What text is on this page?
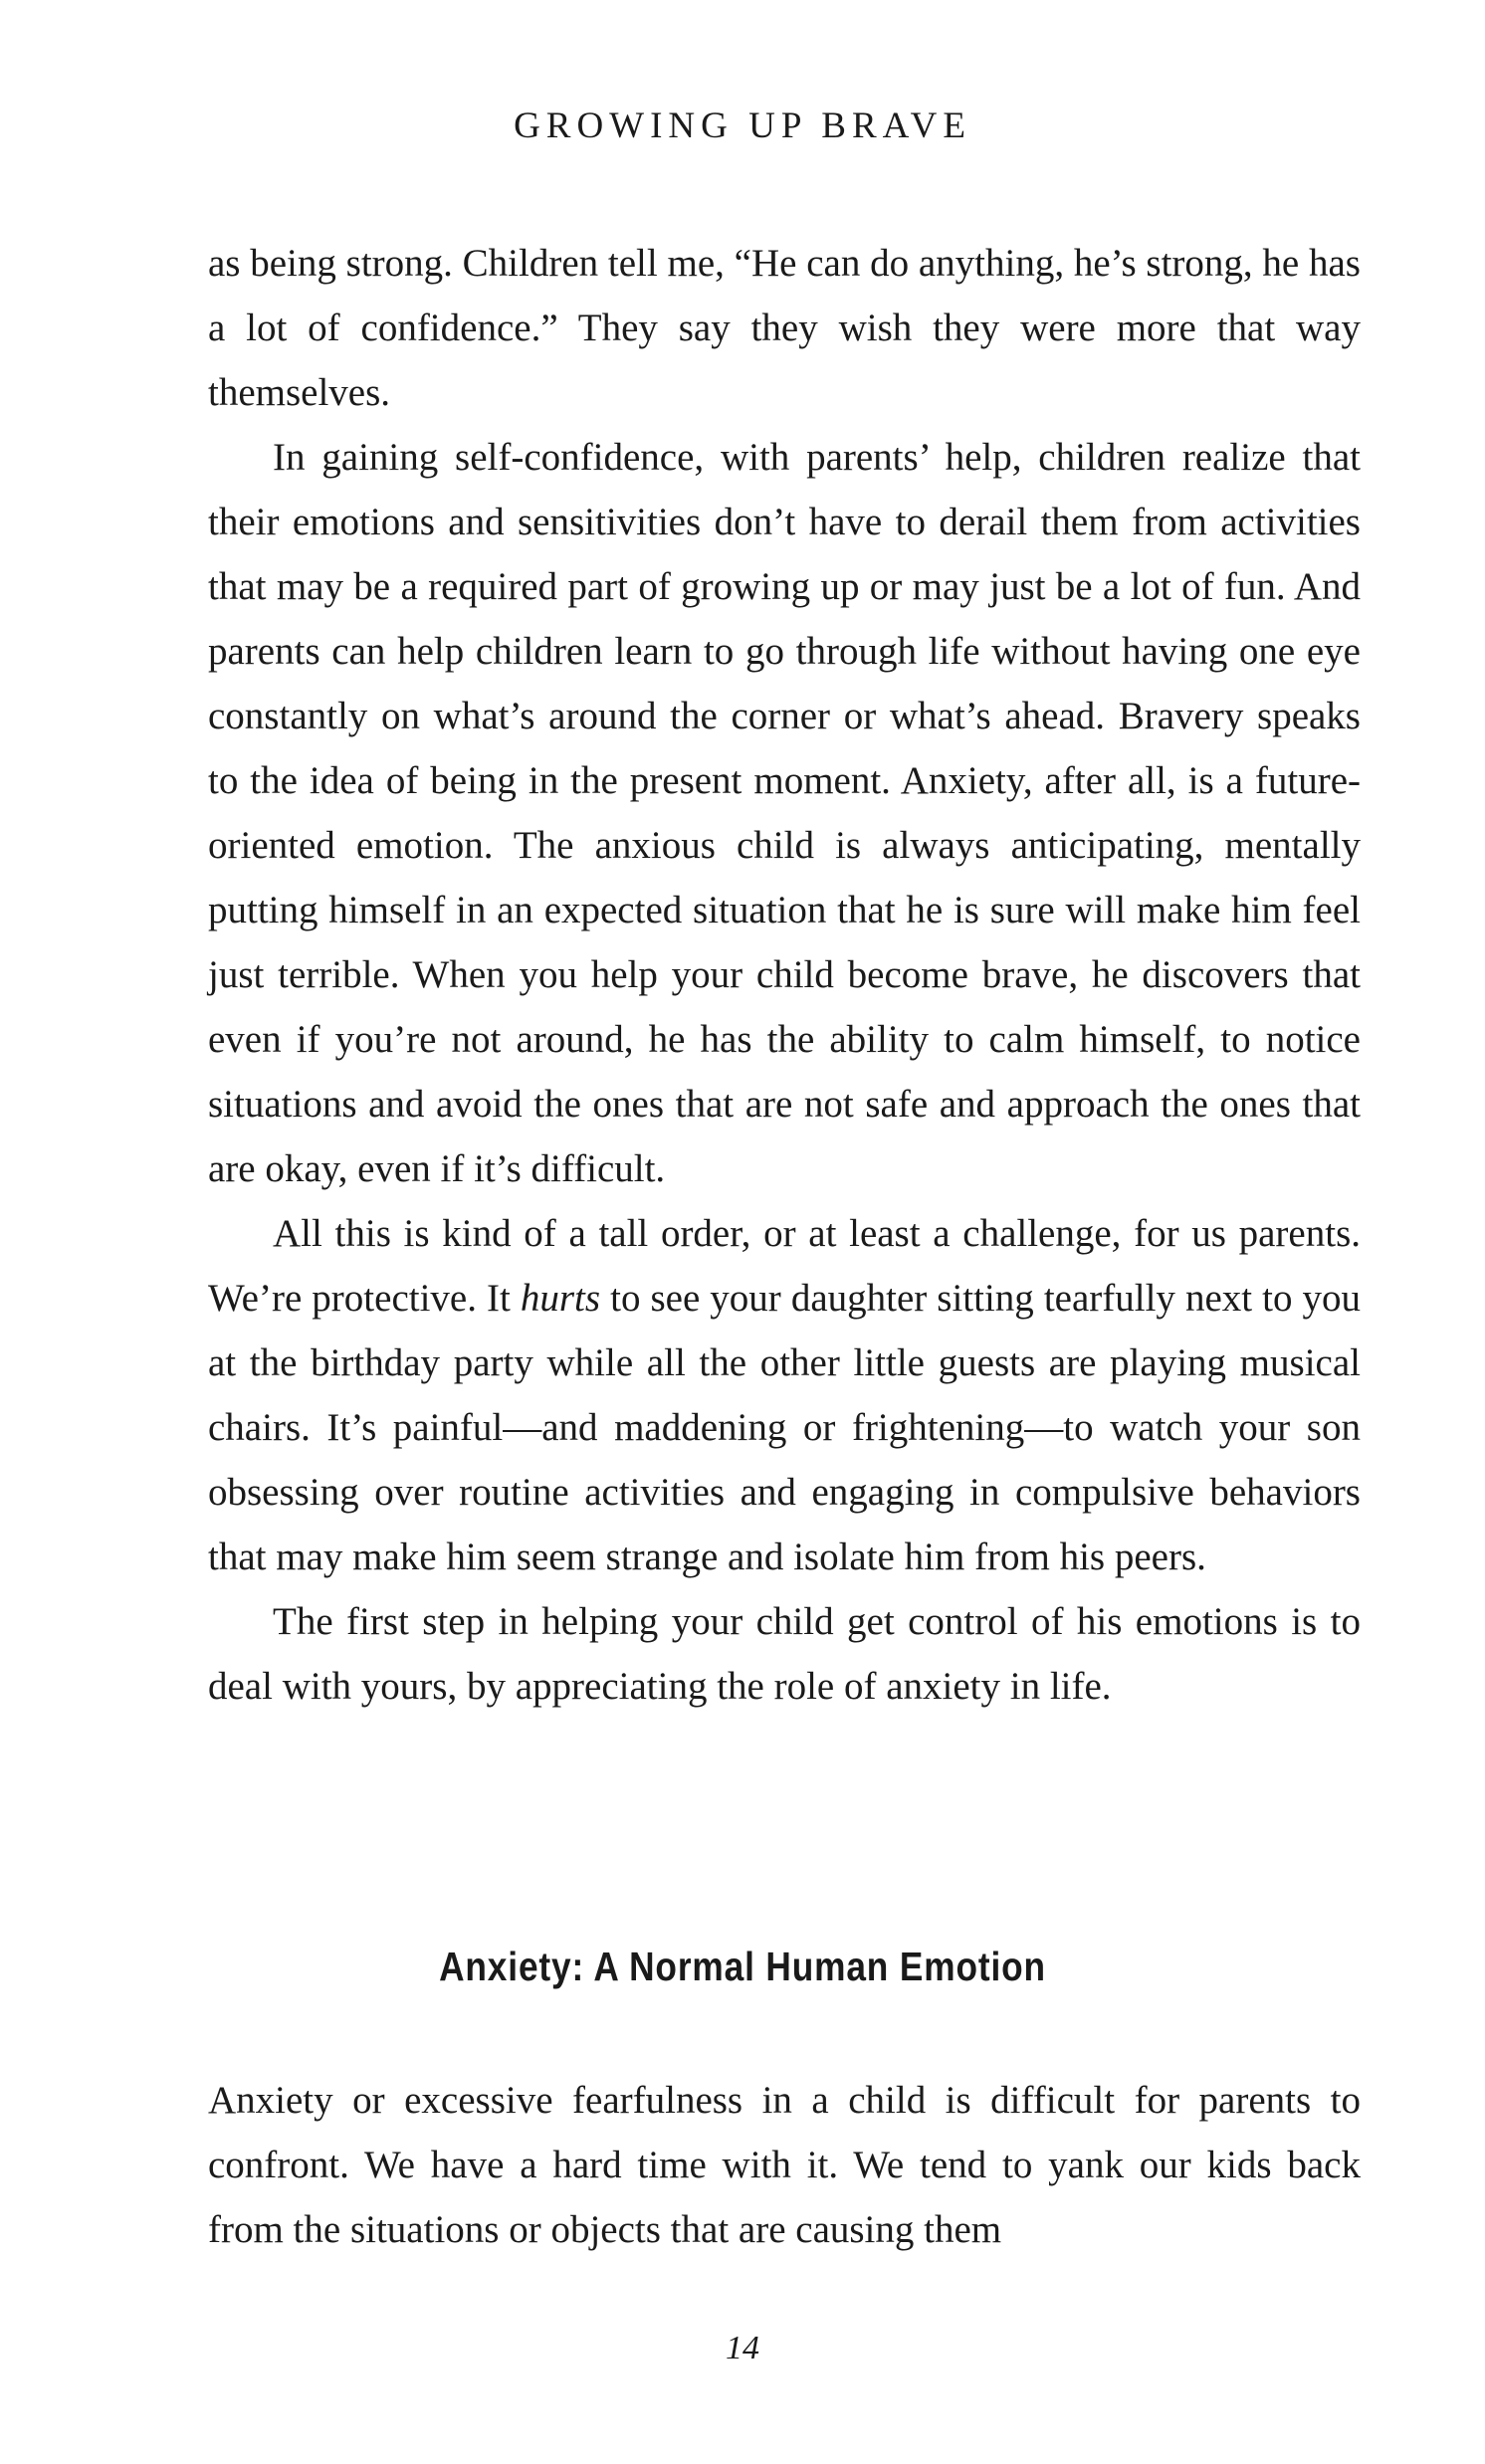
GROWING UP BRAVE

as being strong. Children tell me, “He can do anything, he’s strong, he has a lot of confidence.” They say they wish they were more that way themselves.

In gaining self-confidence, with parents’ help, children realize that their emotions and sensitivities don’t have to derail them from activities that may be a required part of growing up or may just be a lot of fun. And parents can help children learn to go through life without having one eye constantly on what’s around the corner or what’s ahead. Bravery speaks to the idea of being in the present moment. Anxiety, after all, is a future-oriented emotion. The anxious child is always anticipating, mentally putting himself in an expected situation that he is sure will make him feel just terrible. When you help your child become brave, he discovers that even if you’re not around, he has the ability to calm himself, to notice situations and avoid the ones that are not safe and approach the ones that are okay, even if it’s difficult.

All this is kind of a tall order, or at least a challenge, for us parents. We’re protective. It hurts to see your daughter sitting tearfully next to you at the birthday party while all the other little guests are playing musical chairs. It’s painful—and maddening or frightening—to watch your son obsessing over routine activities and engaging in compulsive behaviors that may make him seem strange and isolate him from his peers.

The first step in helping your child get control of his emotions is to deal with yours, by appreciating the role of anxiety in life.

Anxiety: A Normal Human Emotion

Anxiety or excessive fearfulness in a child is difficult for parents to confront. We have a hard time with it. We tend to yank our kids back from the situations or objects that are causing them

14
